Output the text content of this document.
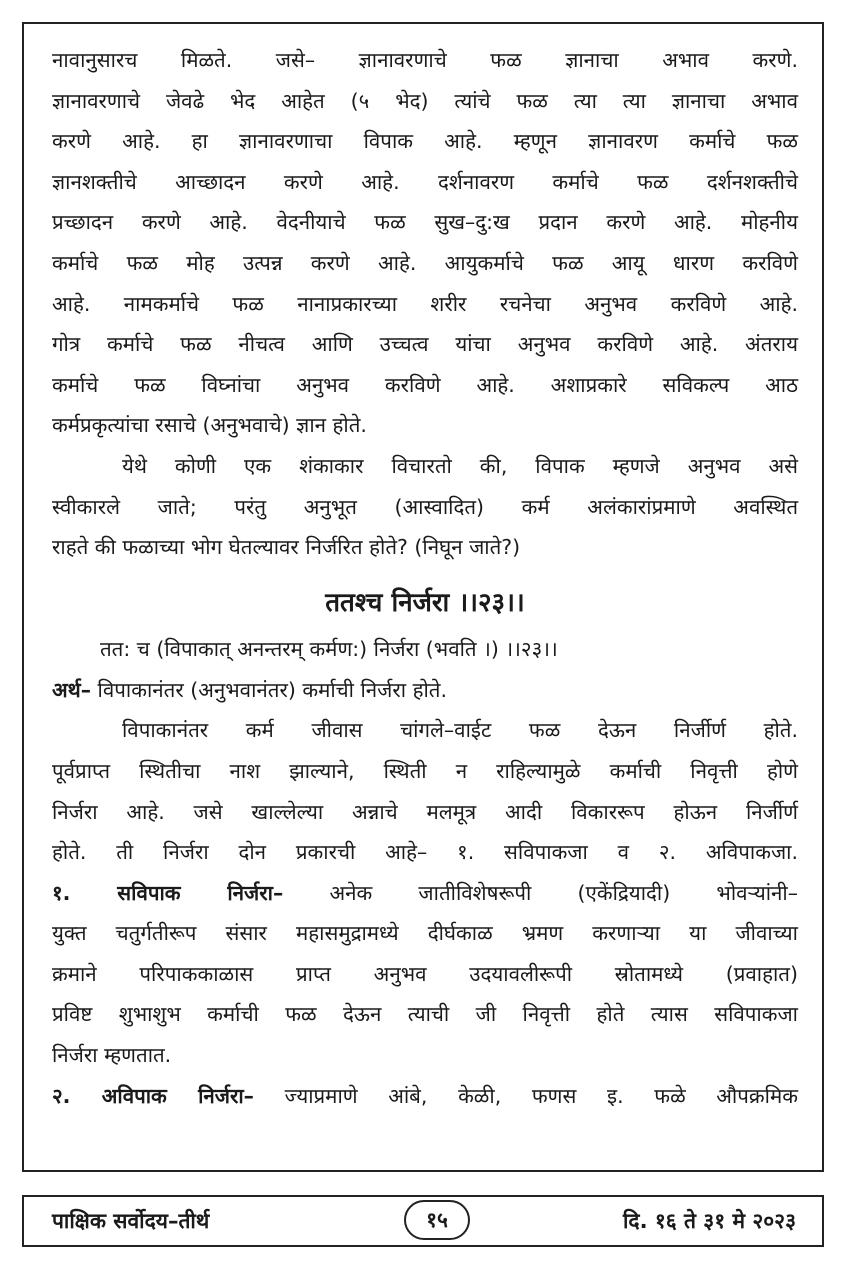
नावानुसारच मिळते. जसे– ज्ञानावरणाचे फळ ज्ञानाचा अभाव करणे.
ज्ञानावरणाचे जेवढे भेद आहेत (५ भेद) त्यांचे फळ त्या त्या ज्ञानाचा अभाव
करणे आहे. हा ज्ञानावरणाचा विपाक आहे. म्हणून ज्ञानावरण कर्माचे फळ
ज्ञानशक्तीचे आच्छादन करणे आहे. दर्शनावरण कर्माचे फळ दर्शनशक्तीचे
प्रच्छादन करणे आहे. वेदनीयाचे फळ सुख–दु:ख प्रदान करणे आहे. मोहनीय
कर्माचे फळ मोह उत्पन्न करणे आहे. आयुकर्माचे फळ आयू धारण करविणे
आहे. नामकर्माचे फळ नानाप्रकारच्या शरीर रचनेचा अनुभव करविणे आहे.
गोत्र कर्माचे फळ नीचत्व आणि उच्चत्व यांचा अनुभव करविणे आहे. अंतराय
कर्माचे फळ विघ्नांचा अनुभव करविणे आहे. अशाप्रकारे सविकल्प आठ
कर्मप्रकृत्यांचा रसाचे (अनुभवाचे) ज्ञान होते.
येथे कोणी एक शंकाकार विचारतो की, विपाक म्हणजे अनुभव असे
स्वीकारले जाते; परंतु अनुभूत (आस्वादित) कर्म अलंकारांप्रमाणे अवस्थित
राहते की फळाच्या भोग घेतल्यावर निर्जरित होते? (निघून जाते?)
ततश्च निर्जरा ।।२३।।
तत: च (विपाकात् अनन्तरम् कर्मण:) निर्जरा (भवति ।) ।।२३।।
अर्थ– विपाकानंतर (अनुभवानंतर) कर्माची निर्जरा होते.
विपाकानंतर कर्म जीवास चांगले–वाईट फळ देऊन निर्जीर्ण होते.
पूर्वप्राप्त स्थितीचा नाश झाल्याने, स्थिती न राहिल्यामुळे कर्माची निवृत्ती होणे
निर्जरा आहे. जसे खाल्लेल्या अन्नाचे मलमूत्र आदी विकाररूप होऊन निर्जीर्ण
होते. ती निर्जरा दोन प्रकारची आहे– १. सविपाकजा व २. अविपाकजा.
१. सविपाक निर्जरा– अनेक जातीविशेषरूपी (एकेंद्रियादी) भोवऱ्यांनी–
युक्त चतुर्गतीरूप संसार महासमुद्रामध्ये दीर्घकाळ भ्रमण करणाऱ्या या जीवाच्या
क्रमाने परिपाककाळास प्राप्त अनुभव उदयावलीरूपी स्रोतामध्ये (प्रवाहात)
प्रविष्ट शुभाशुभ कर्माची फळ देऊन त्याची जी निवृत्ती होते त्यास सविपाकजा
निर्जरा म्हणतात.
२. अविपाक निर्जरा– ज्याप्रमाणे आंबे, केळी, फणस इ. फळे औपक्रमिक
पाक्षिक सर्वोदय–तीर्थ	१५	दि. १६ ते ३१ मे २०२३
